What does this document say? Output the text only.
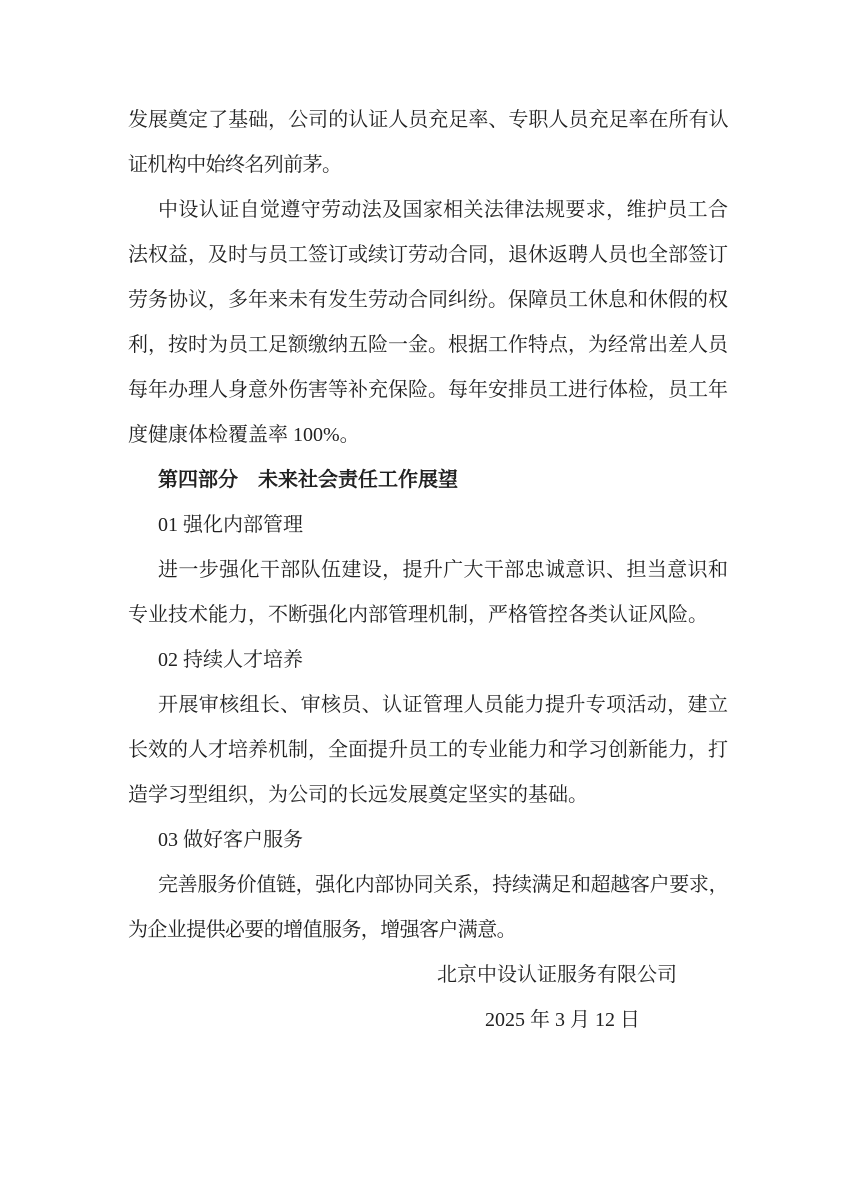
发展奠定了基础，公司的认证人员充足率、专职人员充足率在所有认证机构中始终名列前茅。

中设认证自觉遵守劳动法及国家相关法律法规要求，维护员工合法权益，及时与员工签订或续订劳动合同，退休返聘人员也全部签订劳务协议，多年来未有发生劳动合同纠纷。保障员工休息和休假的权利，按时为员工足额缴纳五险一金。根据工作特点，为经常出差人员每年办理人身意外伤害等补充保险。每年安排员工进行体检，员工年度健康体检覆盖率 100%。

第四部分　未来社会责任工作展望

01 强化内部管理

进一步强化干部队伍建设，提升广大干部忠诚意识、担当意识和专业技术能力，不断强化内部管理机制，严格管控各类认证风险。

02 持续人才培养

开展审核组长、审核员、认证管理人员能力提升专项活动，建立长效的人才培养机制，全面提升员工的专业能力和学习创新能力，打造学习型组织，为公司的长远发展奠定坚实的基础。

03 做好客户服务

完善服务价值链，强化内部协同关系，持续满足和超越客户要求，为企业提供必要的增值服务，增强客户满意。

北京中设认证服务有限公司

2025 年 3 月 12 日
